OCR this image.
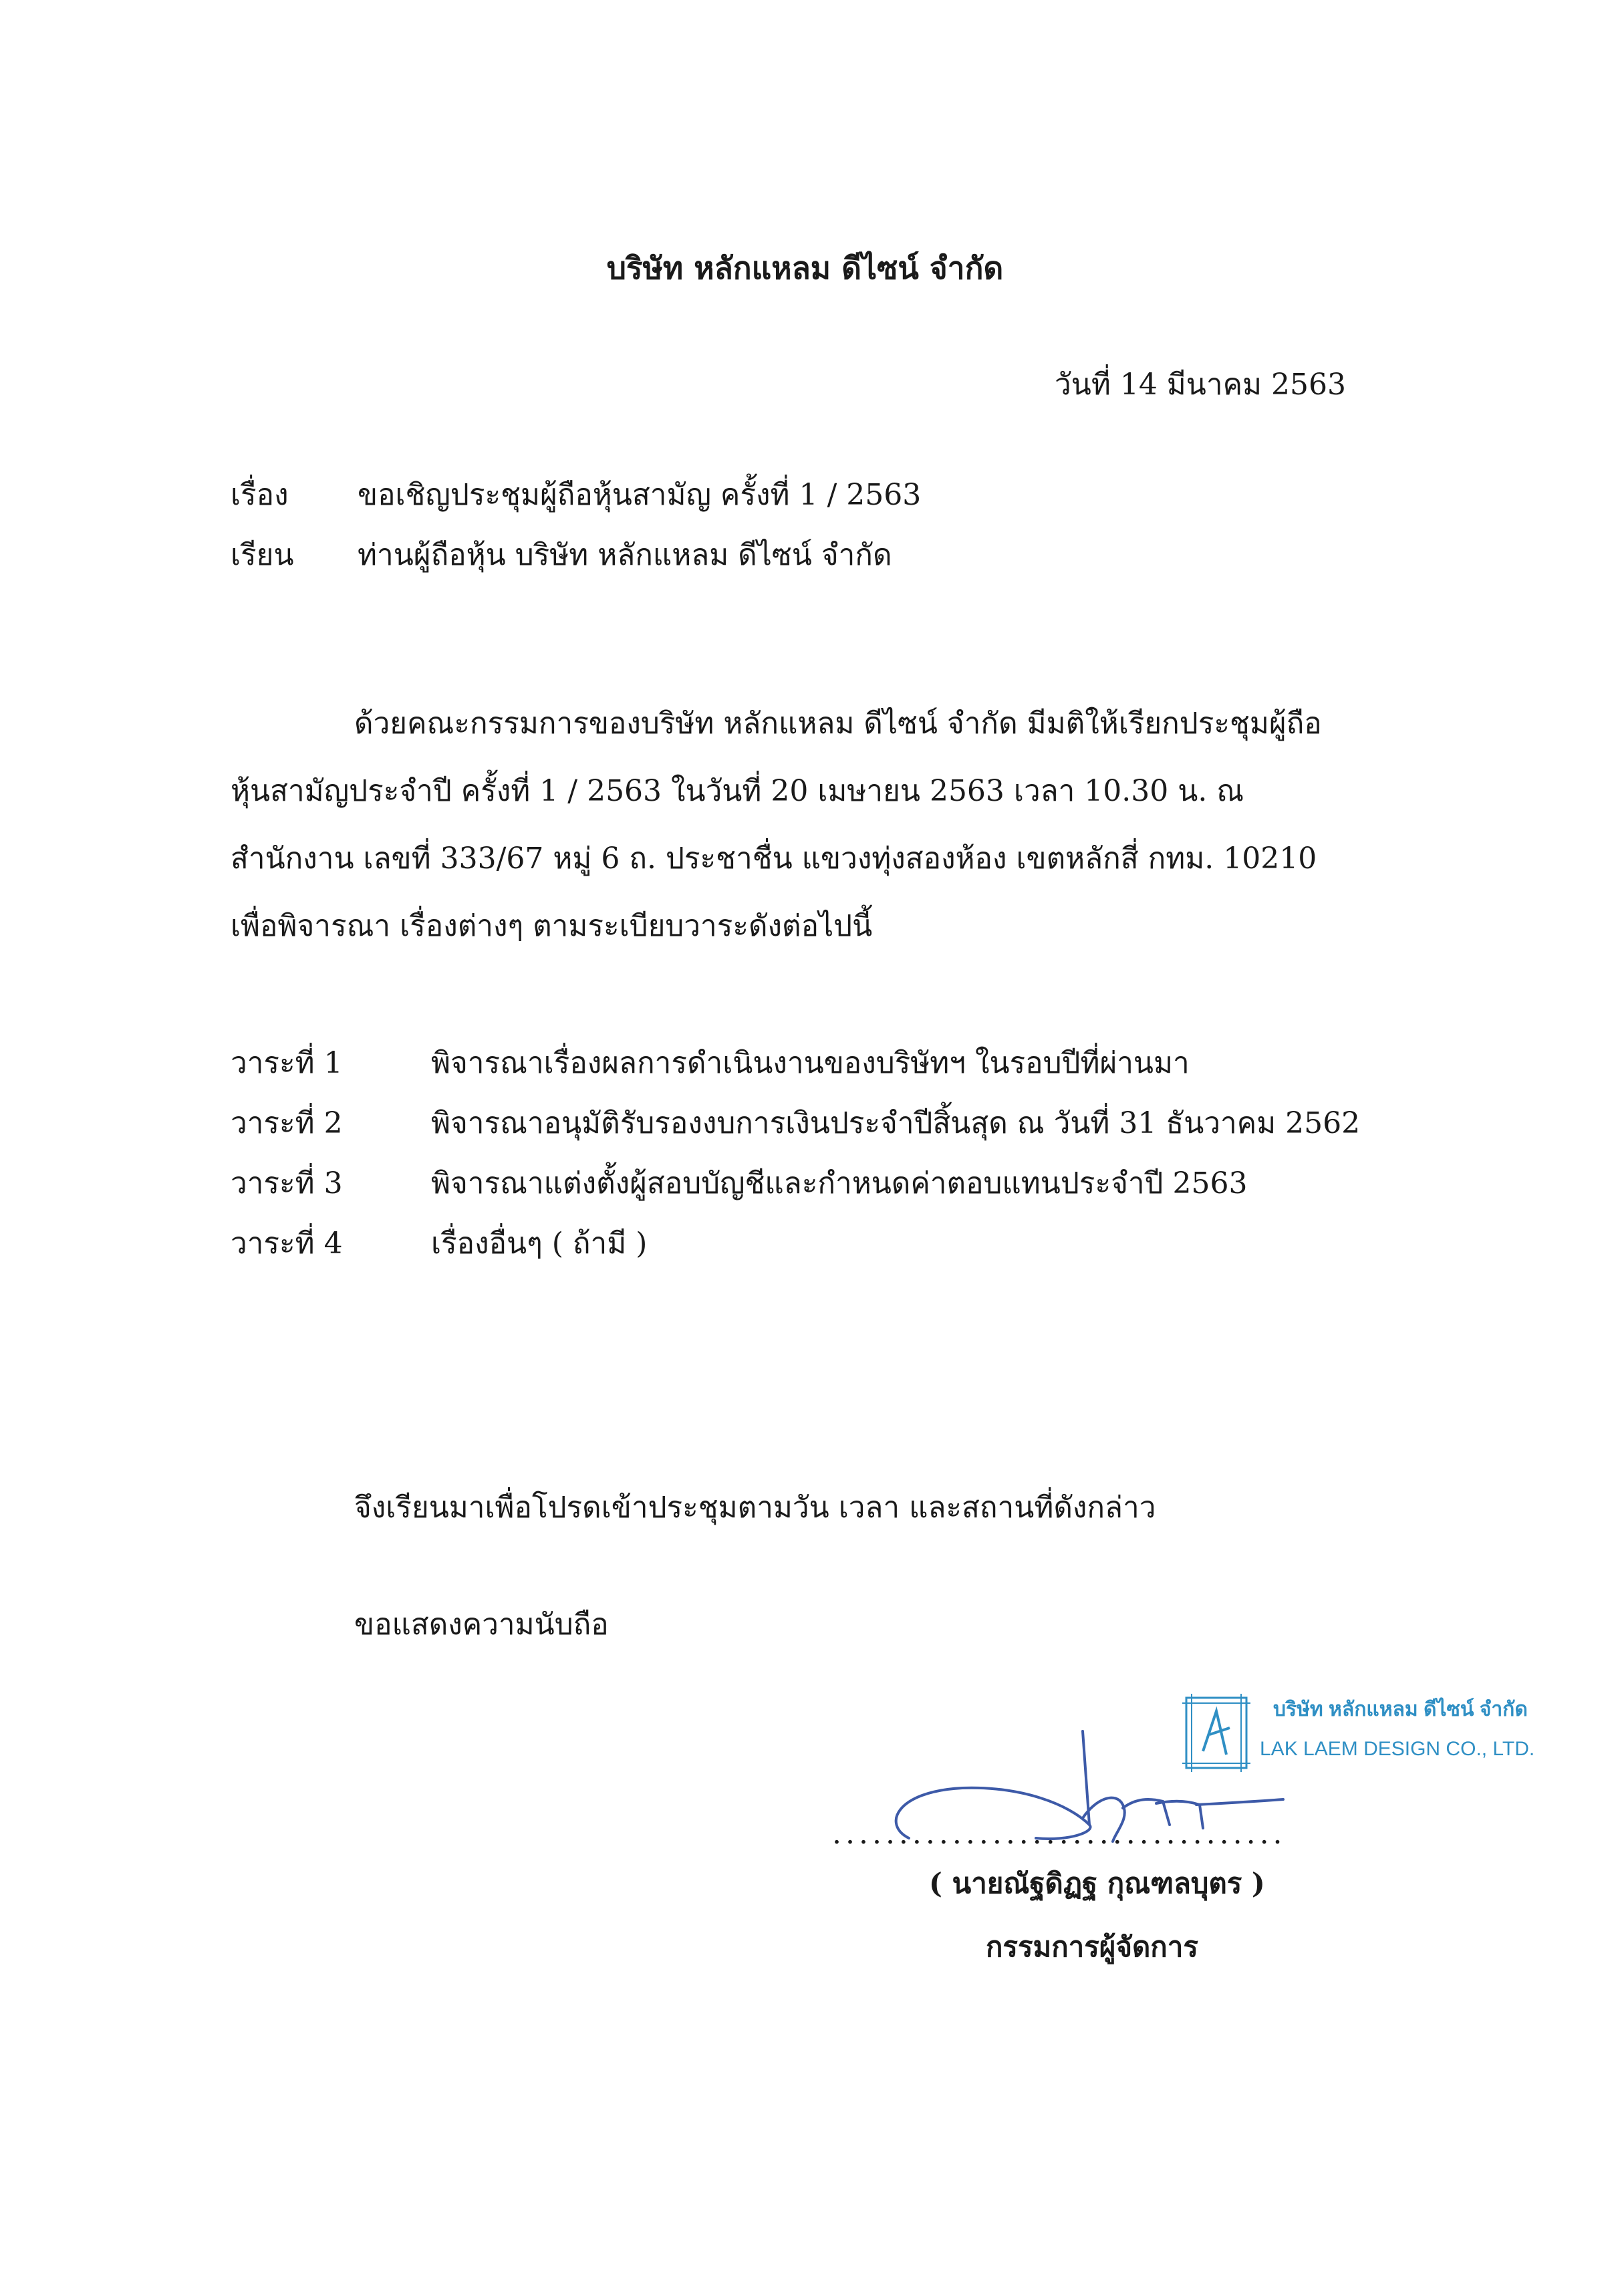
บริษัท หลักแหลม ดีไซน์ จำกัด
วันที่ 14 มีนาคม 2563
เรื่อง ขอเชิญประชุมผู้ถือหุ้นสามัญ ครั้งที่ 1 / 2563
เรียน ท่านผู้ถือหุ้น บริษัท หลักแหลม ดีไซน์ จำกัด
ด้วยคณะกรรมการของบริษัท หลักแหลม ดีไซน์ จำกัด มีมติให้เรียกประชุมผู้ถือหุ้นสามัญประจำปี ครั้งที่ 1 / 2563 ในวันที่ 20 เมษายน 2563 เวลา 10.30 น. ณ สำนักงาน เลขที่ 333/67 หมู่ 6 ถ. ประชาชื่น แขวงทุ่งสองห้อง เขตหลักสี่ กทม. 10210 เพื่อพิจารณา เรื่องต่างๆ ตามระเบียบวาระดังต่อไปนี้
วาระที่ 1	พิจารณาเรื่องผลการดำเนินงานของบริษัทฯ ในรอบปีที่ผ่านมา
วาระที่ 2	พิจารณาอนุมัติรับรองงบการเงินประจำปีสิ้นสุด ณ วันที่ 31 ธันวาคม 2562
วาระที่ 3	พิจารณาแต่งตั้งผู้สอบบัญชีและกำหนดค่าตอบแทนประจำปี 2563
วาระที่ 4	เรื่องอื่นๆ ( ถ้ามี )
จึงเรียนมาเพื่อโปรดเข้าประชุมตามวัน เวลา และสถานที่ดังกล่าว
ขอแสดงความนับถือ
บริษัท หลักแหลม ดีไซน์ จำกัด
LAK LAEM DESIGN CO., LTD.
..................................
( นายณัฐดิฏฐ กุณฑลบุตร )
กรรมการผู้จัดการ
